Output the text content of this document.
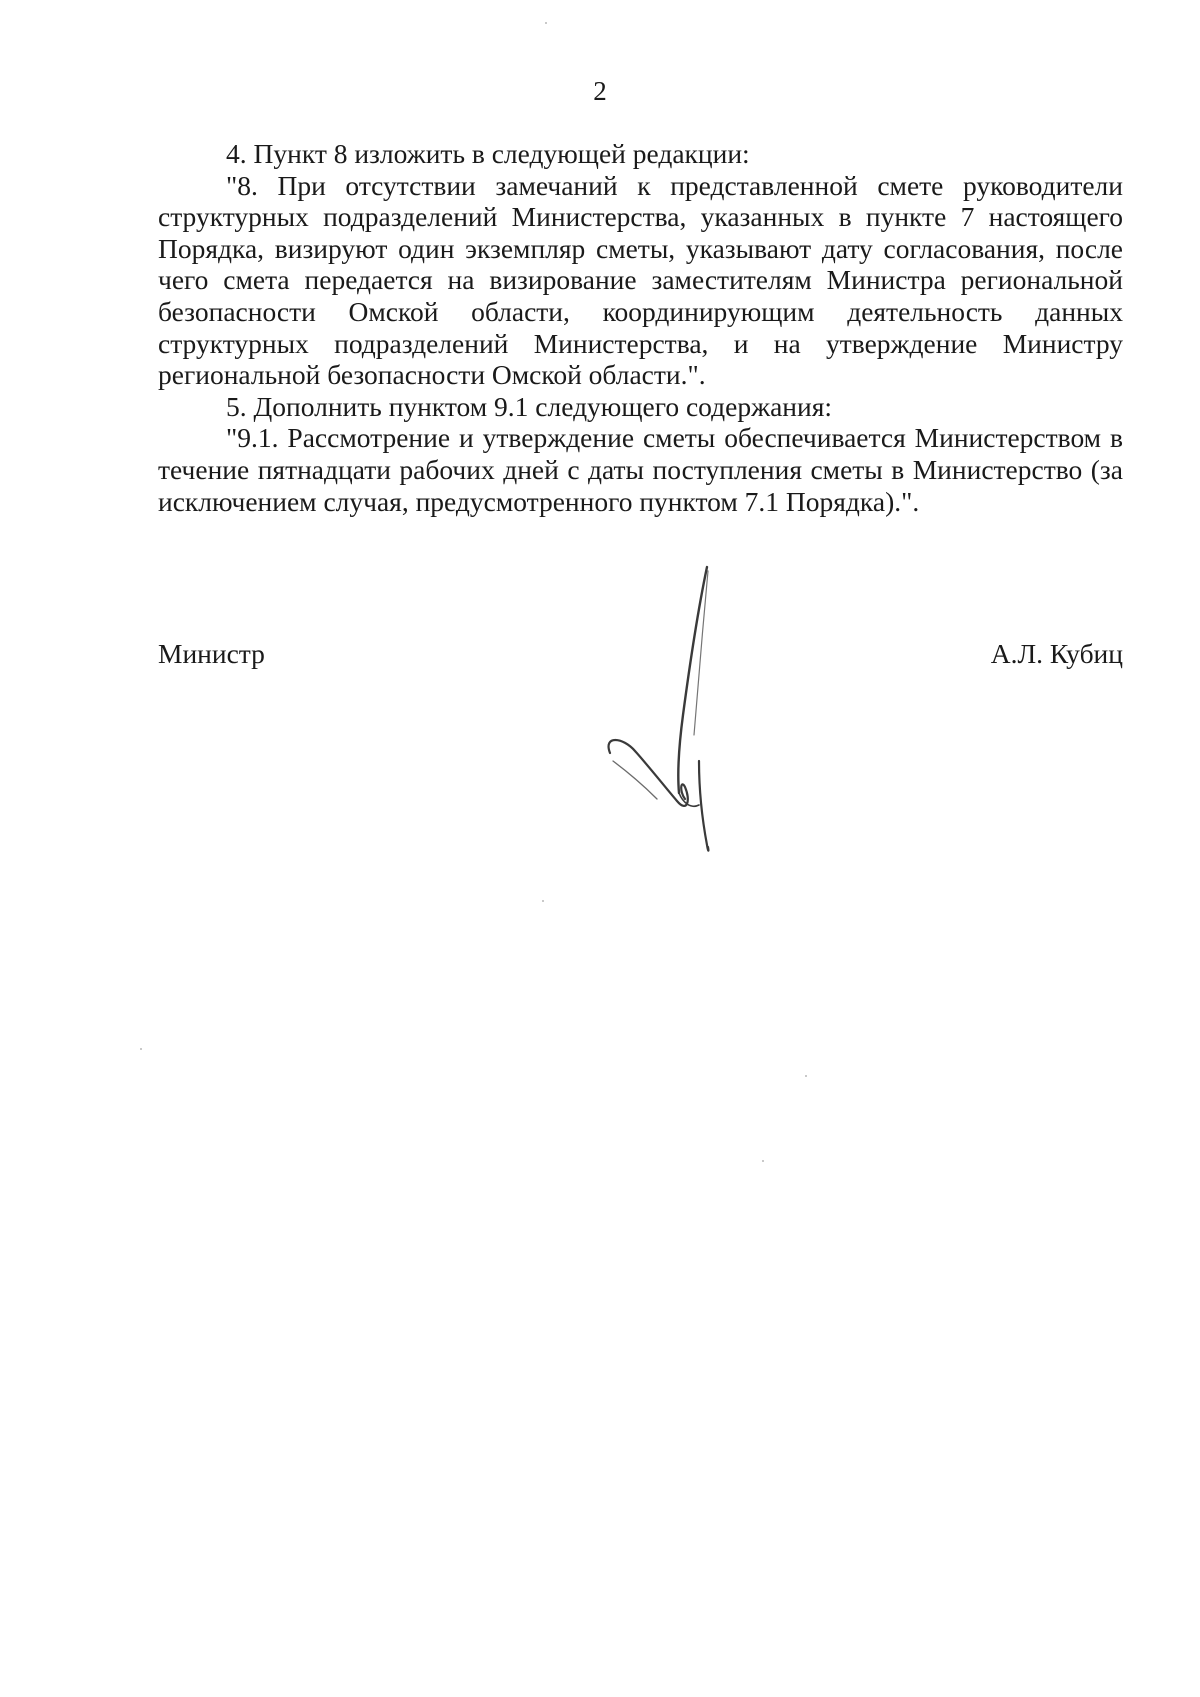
2

4. Пункт 8 изложить в следующей редакции:

"8. При отсутствии замечаний к представленной смете руководители структурных подразделений Министерства, указанных в пункте 7 настоящего Порядка, визируют один экземпляр сметы, указывают дату согласования, после чего смета передается на визирование заместителям Министра региональной безопасности Омской области, координирующим деятельность данных структурных подразделений Министерства, и на утверждение Министру региональной безопасности Омской области.".

5. Дополнить пунктом 9.1 следующего содержания:

"9.1. Рассмотрение и утверждение сметы обеспечивается Министерством в течение пятнадцати рабочих дней с даты поступления сметы в Министерство (за исключением случая, предусмотренного пунктом 7.1 Порядка).".

Министр	А.Л. Кубиц
